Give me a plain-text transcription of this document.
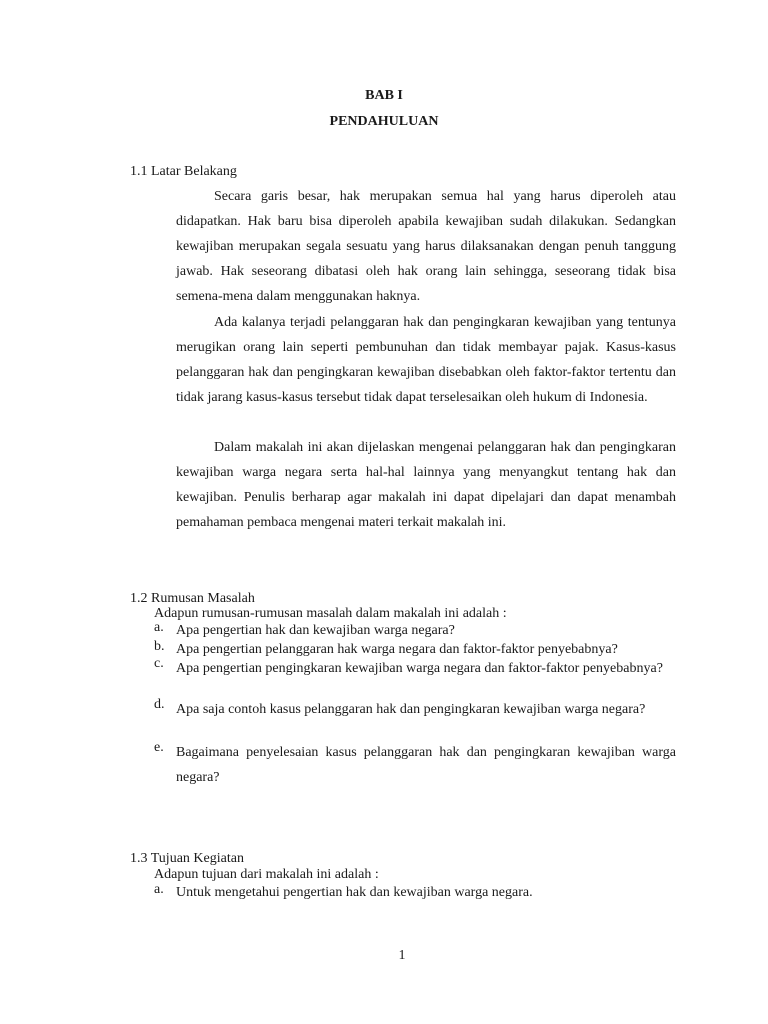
BAB I
PENDAHULUAN
1.1 Latar Belakang

Secara garis besar, hak merupakan semua hal yang harus diperoleh atau didapatkan. Hak baru bisa diperoleh apabila kewajiban sudah dilakukan. Sedangkan kewajiban merupakan segala sesuatu yang harus dilaksanakan dengan penuh tanggung jawab. Hak seseorang dibatasi oleh hak orang lain sehingga, seseorang tidak bisa semena-mena dalam menggunakan haknya.

Ada kalanya terjadi pelanggaran hak dan pengingkaran kewajiban yang tentunya merugikan orang lain seperti pembunuhan dan tidak membayar pajak. Kasus-kasus pelanggaran hak dan pengingkaran kewajiban disebabkan oleh faktor-faktor tertentu dan tidak jarang kasus-kasus tersebut tidak dapat terselesaikan oleh hukum di Indonesia.

Dalam makalah ini akan dijelaskan mengenai pelanggaran hak dan pengingkaran kewajiban warga negara serta hal-hal lainnya yang menyangkut tentang hak dan kewajiban. Penulis berharap agar makalah ini dapat dipelajari dan dapat menambah pemahaman pembaca mengenai materi terkait makalah ini.

1.2 Rumusan Masalah
Adapun rumusan-rumusan masalah dalam makalah ini adalah :
a. Apa pengertian hak dan kewajiban warga negara?
b. Apa pengertian pelanggaran hak warga negara dan faktor-faktor penyebabnya?
c. Apa pengertian pengingkaran kewajiban warga negara dan faktor-faktor penyebabnya?
d. Apa saja contoh kasus pelanggaran hak dan pengingkaran kewajiban warga negara?
e. Bagaimana penyelesaian kasus pelanggaran hak dan pengingkaran kewajiban warga negara?
1.3 Tujuan Kegiatan
Adapun tujuan dari makalah ini adalah :
a. Untuk mengetahui pengertian hak dan kewajiban warga negara.
1
